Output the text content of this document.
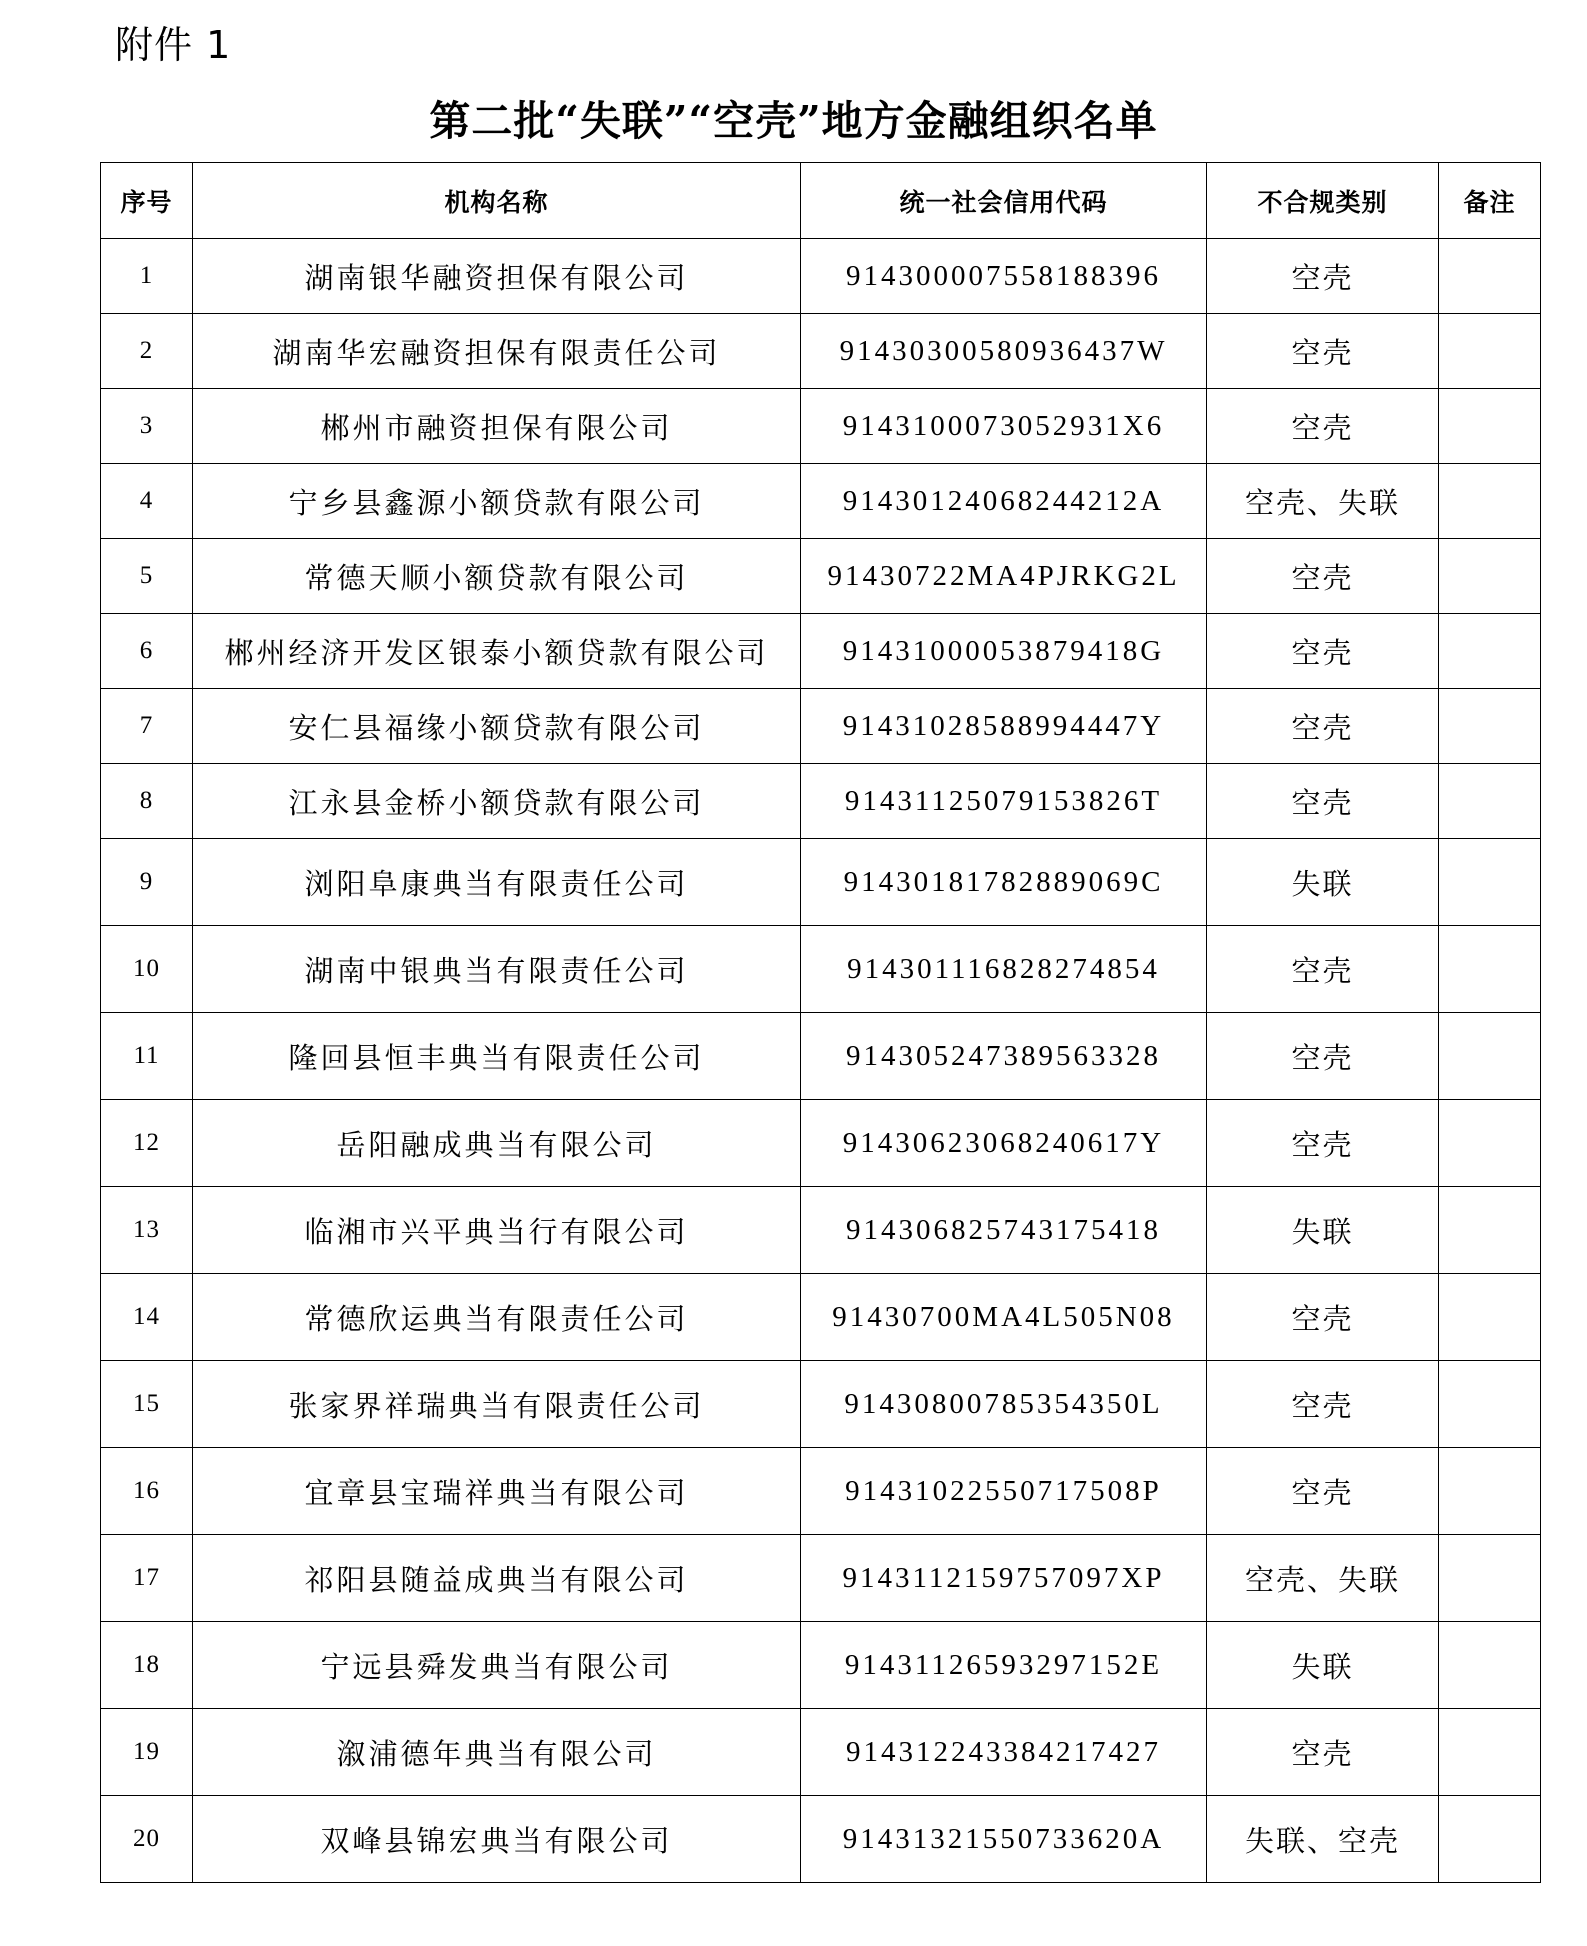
附件 1
第二批“失联”“空壳”地方金融组织名单
序号	机构名称	统一社会信用代码	不合规类别	备注
1	湖南银华融资担保有限公司	914300007558188396	空壳	
2	湖南华宏融资担保有限责任公司	91430300580936437W	空壳	
3	郴州市融资担保有限公司	9143100073052931X6	空壳	
4	宁乡县鑫源小额贷款有限公司	91430124068244212A	空壳、失联	
5	常德天顺小额贷款有限公司	91430722MA4PJRKG2L	空壳	
6	郴州经济开发区银泰小额贷款有限公司	91431000053879418G	空壳	
7	安仁县福缘小额贷款有限公司	91431028588994447Y	空壳	
8	江永县金桥小额贷款有限公司	91431125079153826T	空壳	
9	浏阳阜康典当有限责任公司	91430181782889069C	失联	
10	湖南中银典当有限责任公司	914301116828274854	空壳	
11	隆回县恒丰典当有限责任公司	914305247389563328	空壳	
12	岳阳融成典当有限公司	91430623068240617Y	空壳	
13	临湘市兴平典当行有限公司	914306825743175418	失联	
14	常德欣运典当有限责任公司	91430700MA4L505N08	空壳	
15	张家界祥瑞典当有限责任公司	91430800785354350L	空壳	
16	宜章县宝瑞祥典当有限公司	91431022550717508P	空壳	
17	祁阳县随益成典当有限公司	9143112159757097XP	空壳、失联	
18	宁远县舜发典当有限公司	91431126593297152E	失联	
19	溆浦德年典当有限公司	914312243384217427	空壳	
20	双峰县锦宏典当有限公司	91431321550733620A	失联、空壳	
